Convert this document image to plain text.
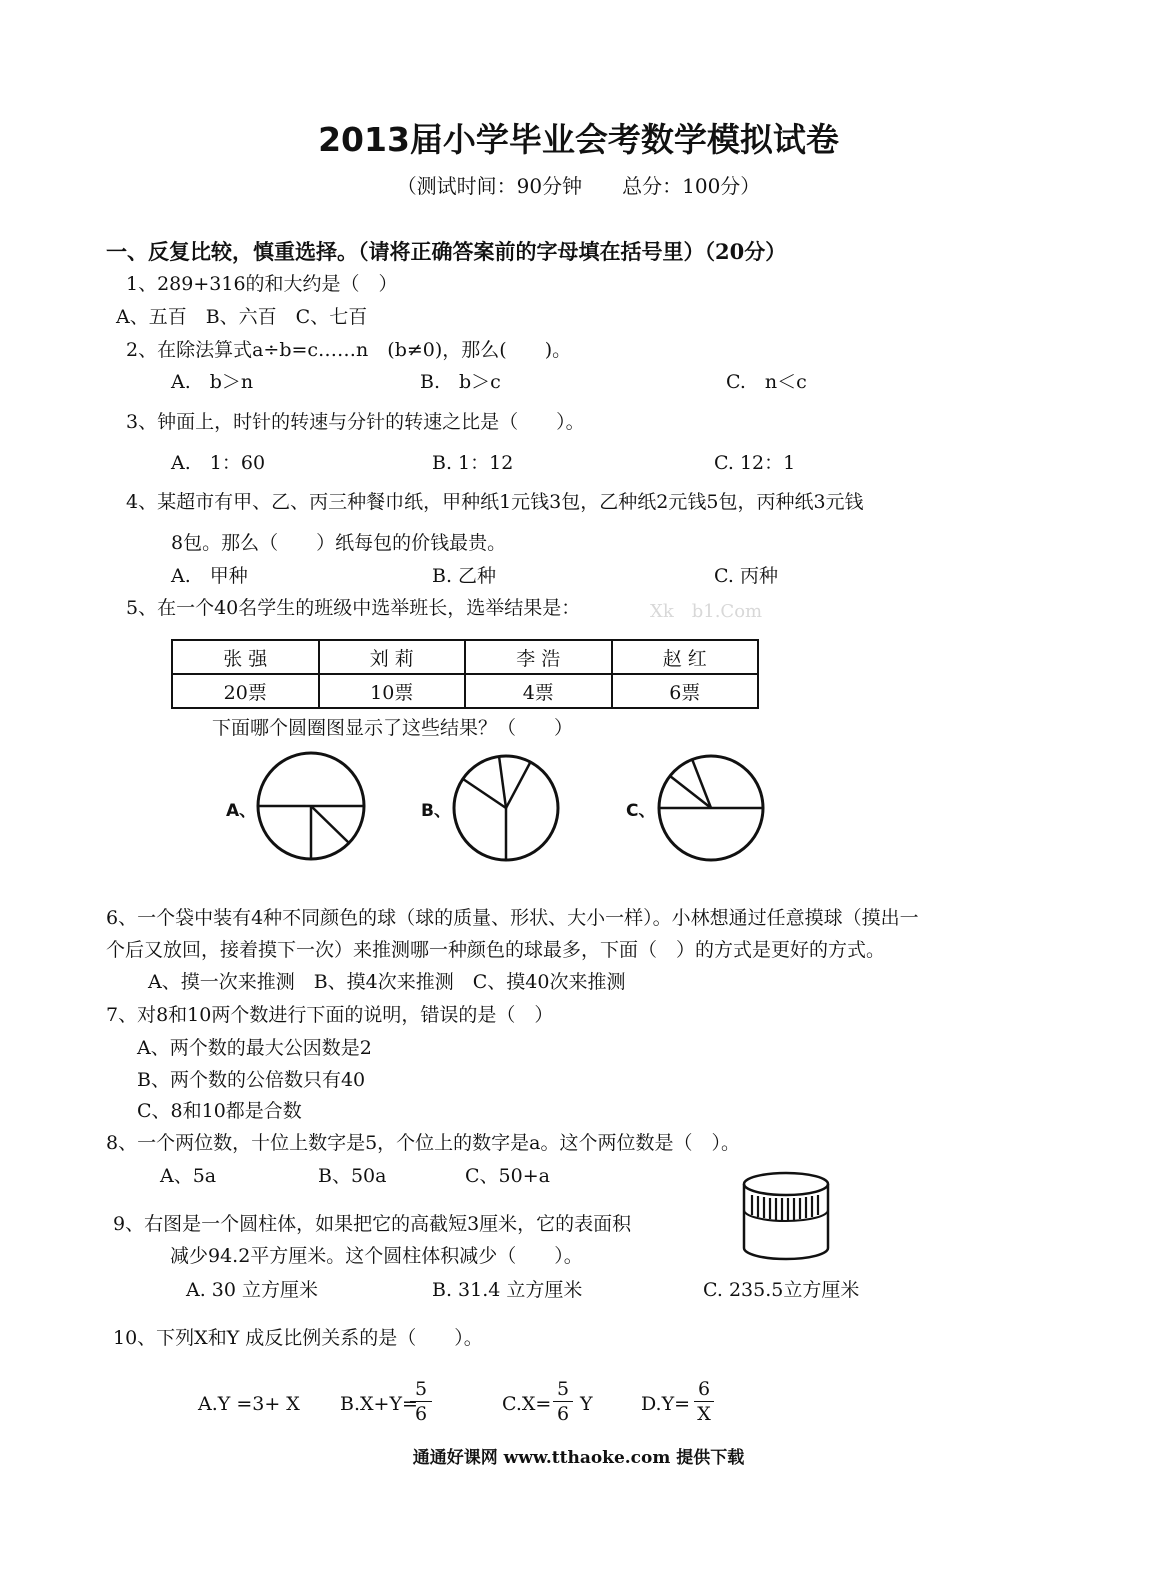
2013届小学毕业会考数学模拟试卷
（测试时间：90分钟　　总分：100分）
一、反复比较，慎重选择。（请将正确答案前的字母填在括号里）（20分）
1、289+316的和大约是（　）
A、五百　B、六百　C、七百
2、在除法算式a÷b=c……n　(b≠0)，那么(　　)。
A.　b＞n	B.　b＞c	C.　n＜c
3、钟面上，时针的转速与分针的转速之比是（　　）。
A.　1：60	B. 1：12	C. 12：1
4、某超市有甲、乙、丙三种餐巾纸，甲种纸1元钱3包，乙种纸2元钱5包，丙种纸3元钱
8包。那么（　　）纸每包的价钱最贵。
A.　甲种	B. 乙种	C. 丙种
5、在一个40名学生的班级中选举班长，选举结果是：	Xk　b1.Com
张 强	刘 莉	李 浩	赵 红
20票	10票	4票	6票
下面哪个圆圈图显示了这些结果？（　　）
A、	B、	C、
6、一个袋中装有4种不同颜色的球（球的质量、形状、大小一样）。小林想通过任意摸球（摸出一
个后又放回，接着摸下一次）来推测哪一种颜色的球最多，下面（　）的方式是更好的方式。
A、摸一次来推测　B、摸4次来推测　C、摸40次来推测
7、对8和10两个数进行下面的说明，错误的是（　）
A、两个数的最大公因数是2
B、两个数的公倍数只有40
C、8和10都是合数
8、一个两位数，十位上数字是5，个位上的数字是a。这个两位数是（　）。
A、5a	B、50a	C、50+a
9、右图是一个圆柱体，如果把它的高截短3厘米，它的表面积
减少94.2平方厘米。这个圆柱体积减少（　　）。
A. 30 立方厘米	B. 31.4 立方厘米	C. 235.5立方厘米
10、下列X和Y 成反比例关系的是（　　）。
A.Y =3+ X B.X+Y=
5
6	C.X=
5
6 Y	D.Y=
6
X
通通好课网 www.tthaoke.com 提供下载
